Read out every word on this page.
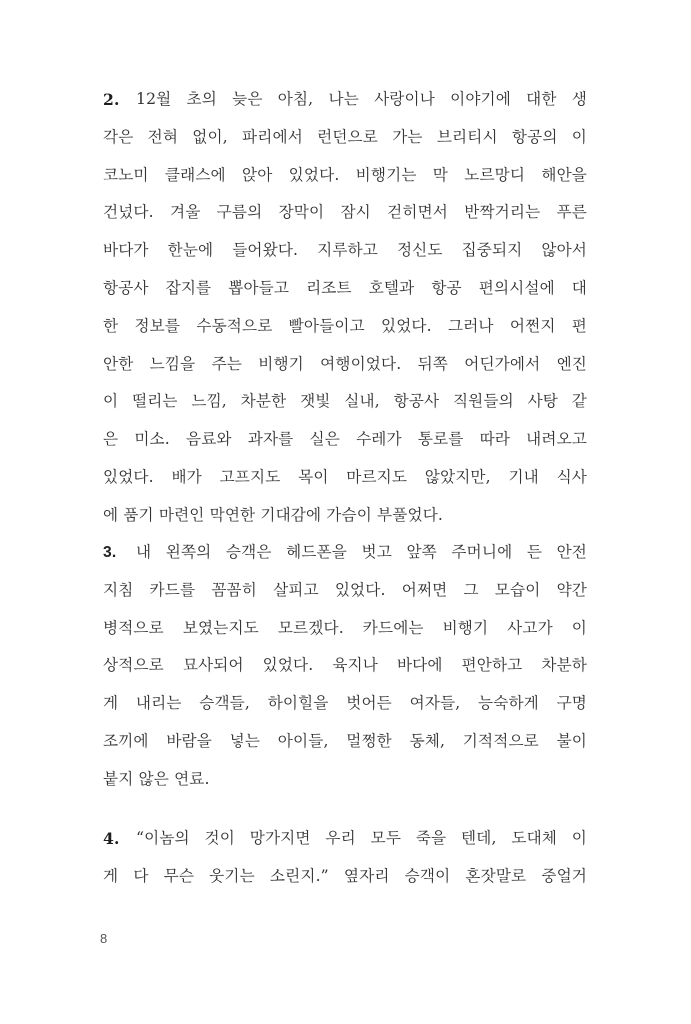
2.	12월 초의 늦은 아침, 나는 사랑이나 이야기에 대한 생
각은 전혀 없이, 파리에서 런던으로 가는 브리티시 항공의 이
코노미 클래스에 앉아 있었다. 비행기는 막 노르망디 해안을
건넜다. 겨울 구름의 장막이 잠시 걷히면서 반짝거리는 푸른
바다가 한눈에 들어왔다. 지루하고 정신도 집중되지 않아서
항공사 잡지를 뽑아들고 리조트 호텔과 항공 편의시설에 대
한 정보를 수동적으로 빨아들이고 있었다. 그러나 어쩐지 편
안한 느낌을 주는 비행기 여행이었다. 뒤쪽 어딘가에서 엔진
이 떨리는 느낌, 차분한 잿빛 실내, 항공사 직원들의 사탕 같
은 미소. 음료와 과자를 실은 수레가 통로를 따라 내려오고
있었다. 배가 고프지도 목이 마르지도 않았지만, 기내 식사
에 품기 마련인 막연한 기대감에 가슴이 부풀었다.
3.	내 왼쪽의 승객은 헤드폰을 벗고 앞쪽 주머니에 든 안전
지침 카드를 꼼꼼히 살피고 있었다. 어쩌면 그 모습이 약간
병적으로 보였는지도 모르겠다. 카드에는 비행기 사고가 이
상적으로 묘사되어 있었다. 육지나 바다에 편안하고 차분하
게 내리는 승객들, 하이힐을 벗어든 여자들, 능숙하게 구명
조끼에 바람을 넣는 아이들, 멀쩡한 동체, 기적적으로 불이
붙지 않은 연료.
4.	“이놈의 것이 망가지면 우리 모두 죽을 텐데, 도대체 이
게 다 무슨 웃기는 소린지.” 옆자리 승객이 혼잣말로 중얼거
8
